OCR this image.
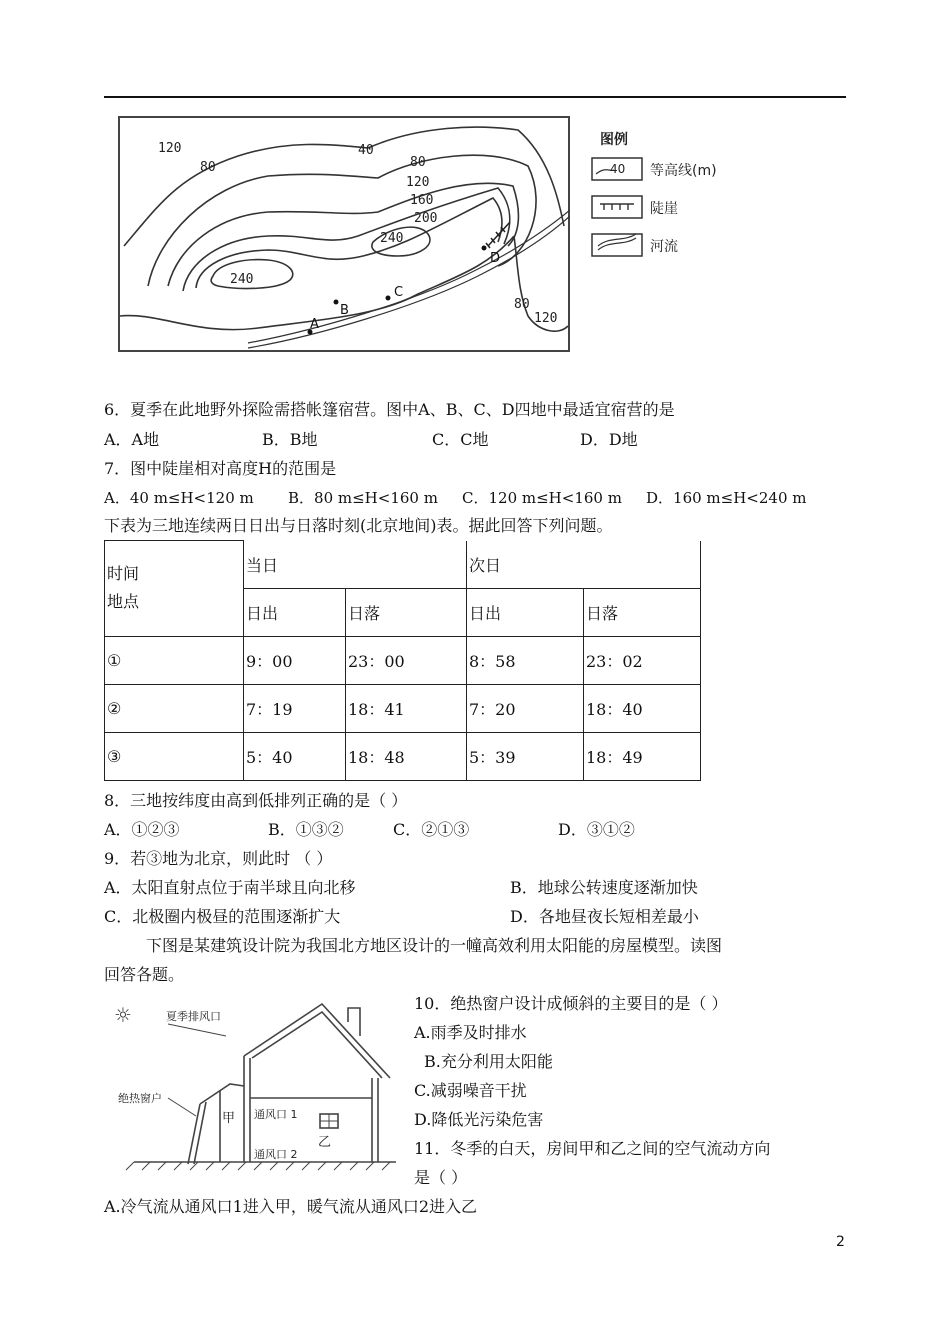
120
80
40
80
120
160
200
240
240
80
120
A
B
C
D
图例
40 等高线(m)
陡崖
河流
6．夏季在此地野外探险需搭帐篷宿营。图中A、B、C、D四地中最适宜宿营的是
A．A地	B．B地	C．C地	D．D地
7．图中陡崖相对高度H的范围是
A．40 m≤H<120 m B．80 m≤H<160 m C．120 m≤H<160 m D．160 m≤H<240 m
下表为三地连续两日日出与日落时刻(北京地间)表。据此回答下列问题。
时间
地点	当日		次日	
	日出	日落	日出	日落
①	9：00	23：00	8：58	23：02
②	7：19	18：41	7：20	18：40
③	5：40	18：48	5：39	18：49
8．三地按纬度由高到低排列正确的是（ ）
A．①②③	B．①③②	C．②①③	D．③①②
9．若③地为北京，则此时 （ ）
A．太阳直射点位于南半球且向北移	B．地球公转速度逐渐加快
C．北极圈内极昼的范围逐渐扩大	D．各地昼夜长短相差最小
下图是某建筑设计院为我国北方地区设计的一幢高效利用太阳能的房屋模型。读图
回答各题。
☼	夏季排风口
绝热窗户
通风口 1
通风口 2
甲
乙
10．绝热窗户设计成倾斜的主要目的是（ ）
A.雨季及时排水
B.充分利用太阳能
C.减弱噪音干扰
D.降低光污染危害
11．冬季的白天，房间甲和乙之间的空气流动方向
是（ ）
A.冷气流从通风口1进入甲，暖气流从通风口2进入乙
2
